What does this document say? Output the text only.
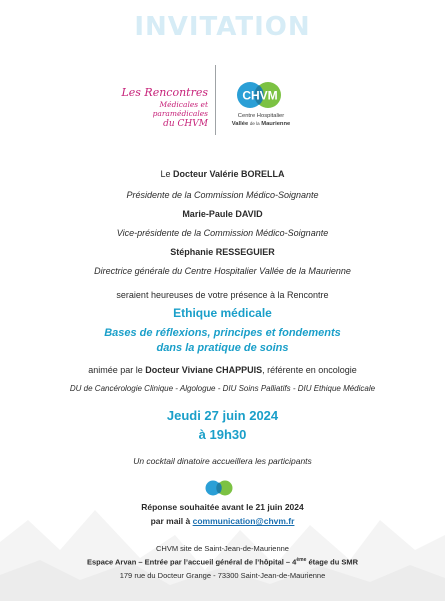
INVITATION
Les Rencontres
Médicales et paramédicales
du CHVM
CHVM
Centre Hospitalier
Vallée de la Maurienne
Le Docteur Valérie BORELLA
Présidente de la Commission Médico-Soignante
Marie-Paule DAVID
Vice-présidente de la Commission Médico-Soignante
Stéphanie RESSEGUIER
Directrice générale du Centre Hospitalier Vallée de la Maurienne
seraient heureuses de votre présence à la Rencontre
Ethique médicale
Bases de réflexions, principes et fondements
dans la pratique de soins
animée par le Docteur Viviane CHAPPUIS, référente en oncologie
DU de Cancérologie Clinique - Algologue - DIU Soins Palliatifs - DIU Ethique Médicale
Jeudi 27 juin 2024
à 19h30
Un cocktail dinatoire accueillera les participants
Réponse souhaitée avant le 21 juin 2024
par mail à communication@chvm.fr
CHVM site de Saint-Jean-de-Maurienne
Espace Arvan – Entrée par l’accueil général de l’hôpital – 4ème étage du SMR
179 rue du Docteur Grange - 73300 Saint-Jean-de-Maurienne
